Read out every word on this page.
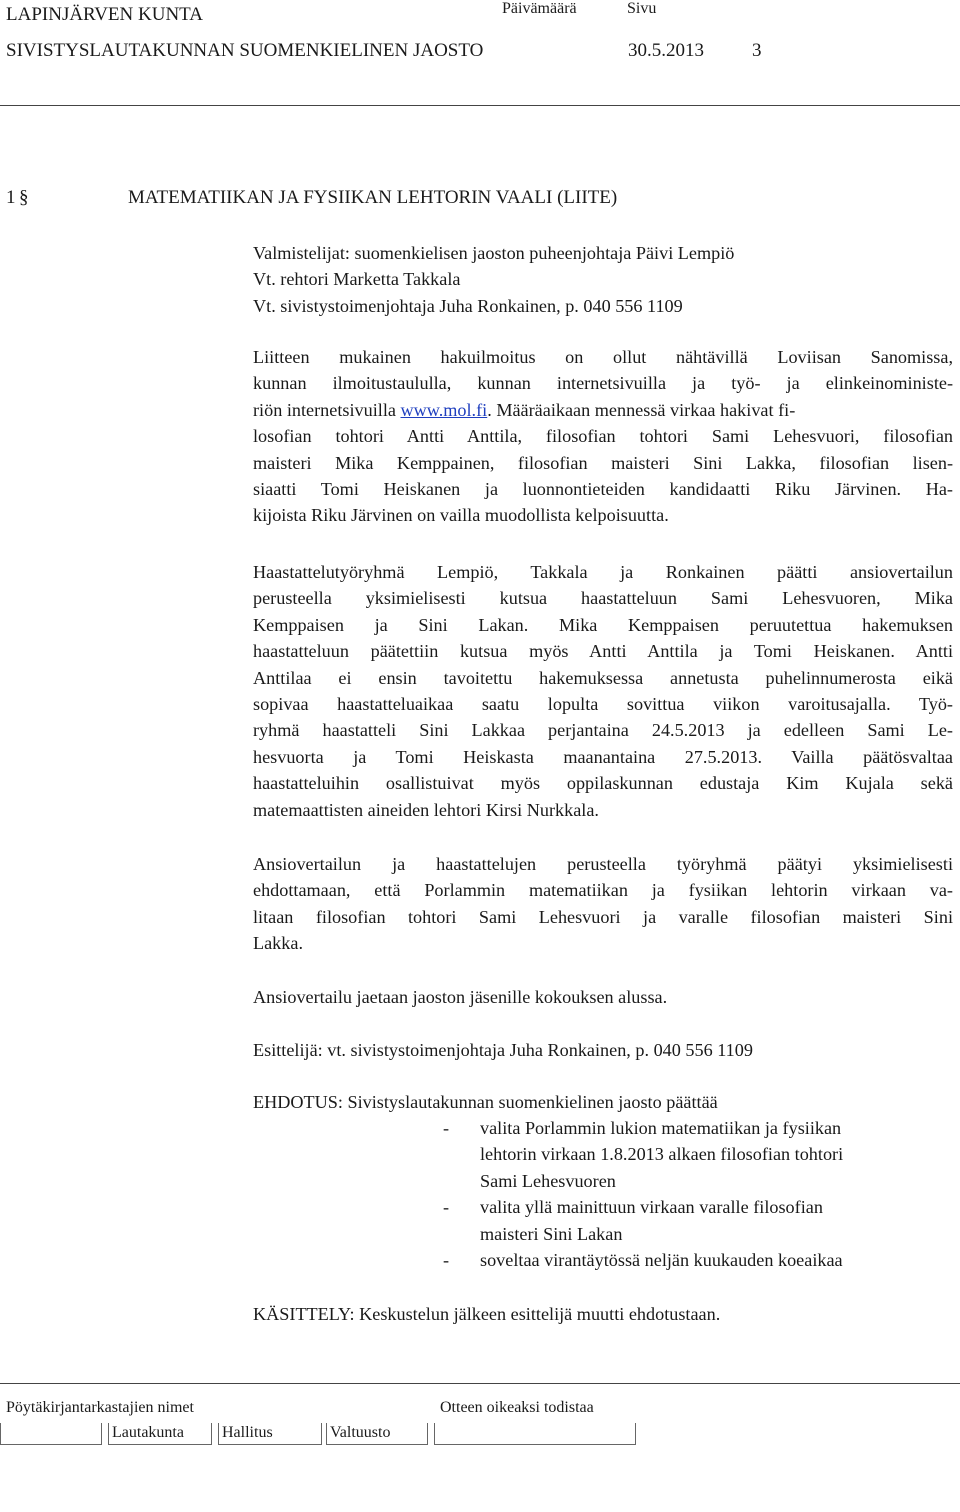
LAPINJÄRVEN KUNTA	Päivämäärä	Sivu
SIVISTYSLAUTAKUNNAN SUOMENKIELINEN JAOSTO	30.5.2013	3
1 §	MATEMATIIKAN JA FYSIIKAN LEHTORIN VAALI (LIITE)
Valmistelijat: suomenkielisen jaoston puheenjohtaja Päivi Lempiö
Vt. rehtori Marketta Takkala
Vt. sivistystoimenjohtaja Juha Ronkainen, p. 040 556 1109
Liitteen mukainen hakuilmoitus on ollut nähtävillä Loviisan Sanomissa,
kunnan ilmoitustaululla, kunnan internetsivuilla ja työ- ja elinkeinoministe-
riön internetsivuilla www.mol.fi. Määräaikaan mennessä virkaa hakivat fi-
losofian tohtori Antti Anttila, filosofian tohtori Sami Lehesvuori, filosofian
maisteri Mika Kemppainen, filosofian maisteri Sini Lakka, filosofian lisen-
siaatti Tomi Heiskanen ja luonnontieteiden kandidaatti Riku Järvinen. Ha-
kijoista Riku Järvinen on vailla muodollista kelpoisuutta.
Haastattelutyöryhmä Lempiö, Takkala ja Ronkainen päätti ansiovertailun
perusteella yksimielisesti kutsua haastatteluun Sami Lehesvuoren, Mika
Kemppaisen ja Sini Lakan. Mika Kemppaisen peruutettua hakemuksen
haastatteluun päätettiin kutsua myös Antti Anttila ja Tomi Heiskanen. Antti
Anttilaa ei ensin tavoitettu hakemuksessa annetusta puhelinnumerosta eikä
sopivaa haastatteluaikaa saatu lopulta sovittua viikon varoitusajalla. Työ-
ryhmä haastatteli Sini Lakkaa perjantaina 24.5.2013 ja edelleen Sami Le-
hesvuorta ja Tomi Heiskasta maanantaina 27.5.2013. Vailla päätösvaltaa
haastatteluihin osallistuivat myös oppilaskunnan edustaja Kim Kujala sekä
matemaattisten aineiden lehtori Kirsi Nurkkala.
Ansiovertailun ja haastattelujen perusteella työryhmä päätyi yksimielisesti
ehdottamaan, että Porlammin matematiikan ja fysiikan lehtorin virkaan va-
litaan filosofian tohtori Sami Lehesvuori ja varalle filosofian maisteri Sini
Lakka.
Ansiovertailu jaetaan jaoston jäsenille kokouksen alussa.
Esittelijä: vt. sivistystoimenjohtaja Juha Ronkainen, p. 040 556 1109
EHDOTUS: Sivistyslautakunnan suomenkielinen jaosto päättää
-	valita Porlammin lukion matematiikan ja fysiikan
lehtorin virkaan 1.8.2013 alkaen filosofian tohtori
Sami Lehesvuoren
-	valita yllä mainittuun virkaan varalle filosofian
maisteri Sini Lakan
-	soveltaa virantäytössä neljän kuukauden koeaikaa
KÄSITTELY: Keskustelun jälkeen esittelijä muutti ehdotustaan.
Pöytäkirjantarkastajien nimet	Otteen oikeaksi todistaa
Lautakunta Hallitus	Valtuusto
